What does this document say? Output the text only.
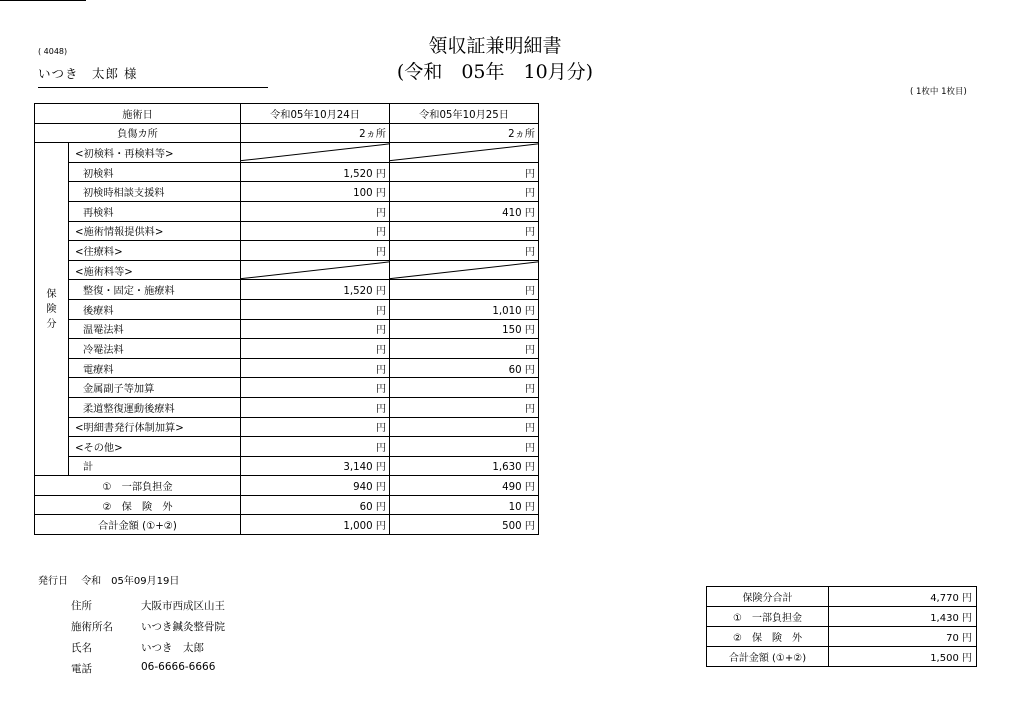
( 4048)
いつき　太郎 様
領収証兼明細書
(令和　05年　10月分)
( 1枚中 1枚目)
施術日		令和05年10月24日	令和05年10月25日
負傷カ所		2ヵ所	2ヵ所

保
険
分	<初検料・再検料等>	

	初検料	1,520 円	円
	初検時相談支援料	100 円	円
	再検料	円	410 円
	<施術情報提供料>	円	円
	<往療料>	円	円
	<施術料等>	

	整復・固定・施療料	1,520 円	円
	後療料	円	1,010 円
	温罨法料	円	150 円
	冷罨法料	円	円
	電療料	円	60 円
	金属副子等加算	円	円
	柔道整復運動後療料	円	円
	<明細書発行体制加算>	円	円
	<その他>	円	円
	計	3,140 円	1,630 円
①　一部負担金		940 円	490 円
②　保　険　外		60 円	10 円
合計金額 (①+②)		1,000 円	500 円
発行日　 令和　05年09月19日
住所	大阪市西成区山王
施術所名	いつき鍼灸整骨院
氏名	いつき　太郎
電話	06-6666-6666
保険分合計	4,770 円
①　一部負担金	1,430 円
②　保　険　外	70 円
合計金額 (①+②)	1,500 円
